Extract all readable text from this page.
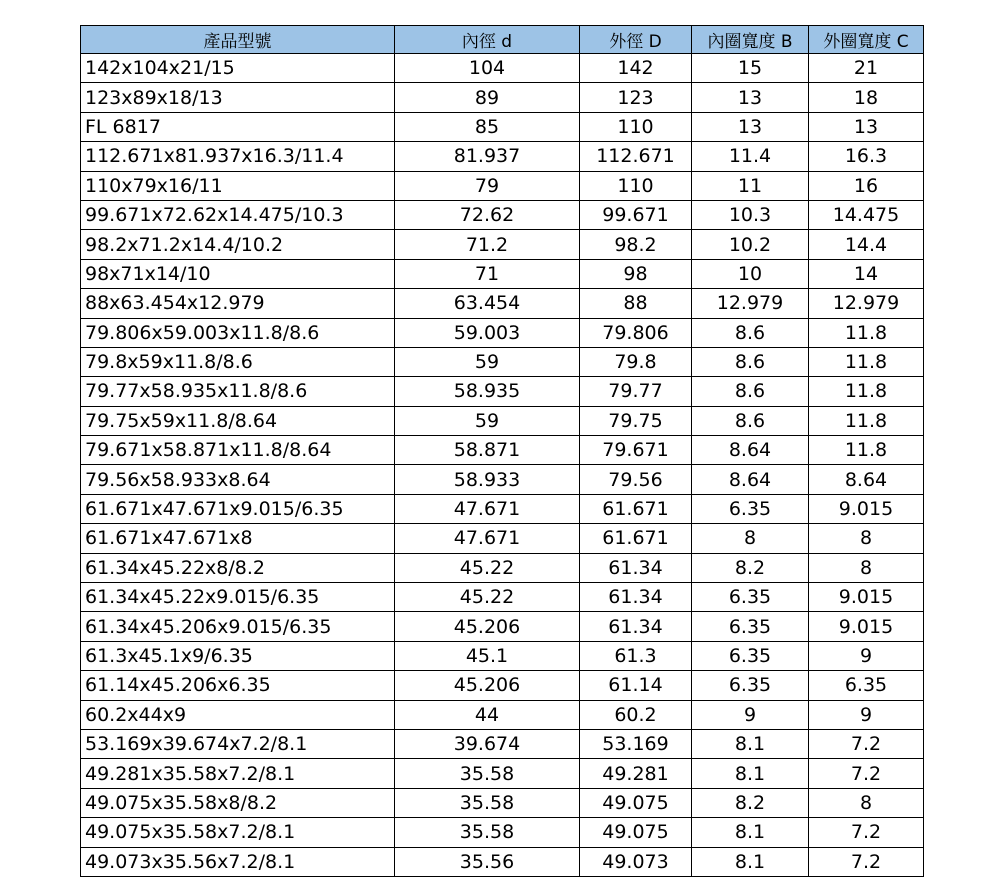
產品型號	內徑 d	外徑 D	內圈寬度 B	外圈寬度 C
142x104x21/15	104	142	15	21
123x89x18/13	89	123	13	18
FL 6817	85	110	13	13
112.671x81.937x16.3/11.4	81.937	112.671	11.4	16.3
110x79x16/11	79	110	11	16
99.671x72.62x14.475/10.3	72.62	99.671	10.3	14.475
98.2x71.2x14.4/10.2	71.2	98.2	10.2	14.4
98x71x14/10	71	98	10	14
88x63.454x12.979	63.454	88	12.979	12.979
79.806x59.003x11.8/8.6	59.003	79.806	8.6	11.8
79.8x59x11.8/8.6	59	79.8	8.6	11.8
79.77x58.935x11.8/8.6	58.935	79.77	8.6	11.8
79.75x59x11.8/8.64	59	79.75	8.6	11.8
79.671x58.871x11.8/8.64	58.871	79.671	8.64	11.8
79.56x58.933x8.64	58.933	79.56	8.64	8.64
61.671x47.671x9.015/6.35	47.671	61.671	6.35	9.015
61.671x47.671x8	47.671	61.671	8	8
61.34x45.22x8/8.2	45.22	61.34	8.2	8
61.34x45.22x9.015/6.35	45.22	61.34	6.35	9.015
61.34x45.206x9.015/6.35	45.206	61.34	6.35	9.015
61.3x45.1x9/6.35	45.1	61.3	6.35	9
61.14x45.206x6.35	45.206	61.14	6.35	6.35
60.2x44x9	44	60.2	9	9
53.169x39.674x7.2/8.1	39.674	53.169	8.1	7.2
49.281x35.58x7.2/8.1	35.58	49.281	8.1	7.2
49.075x35.58x8/8.2	35.58	49.075	8.2	8
49.075x35.58x7.2/8.1	35.58	49.075	8.1	7.2
49.073x35.56x7.2/8.1	35.56	49.073	8.1	7.2
